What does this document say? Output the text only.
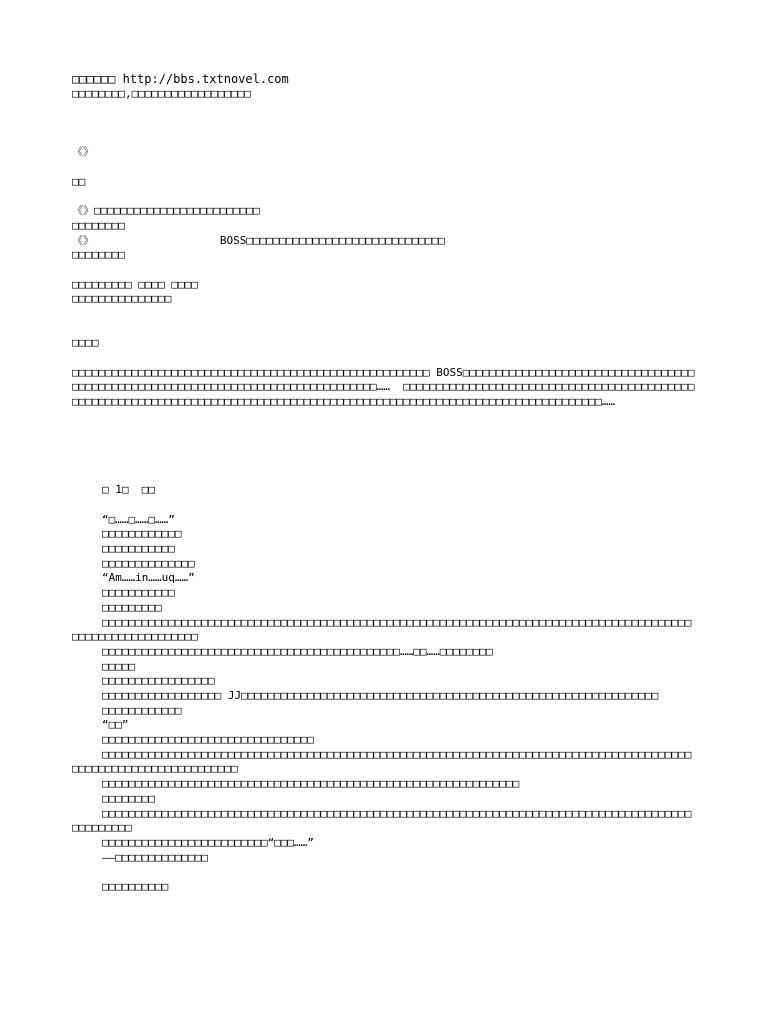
□□□□□□ http://bbs.txtnovel.com
□□□□□□□□,□□□□□□□□□□□□□□□□□□
《》
□□
《》□□□□□□□□□□□□□□□□□□□□□□□□□
□□□□□□□□
《》                   BOSS□□□□□□□□□□□□□□□□□□□□□□□□□□□□□□
□□□□□□□□
□□□□□□□□□ □□□□ □□□□
□□□□□□□□□□□□□□□
□□□□
□□□□□□□□□□□□□□□□□□□□□□□□□□□□□□□□□□□□□□□□□□□□□□□□□□□□□□ BOSS□□□□□□□□□□□□□□□□□□□□□□□□□□□□□□□□□□□□□□□□□□□□□□□□□□□□□□□□□□□□□□□□□□□□□□□□□□□□□□□□□……  □□□□□□□□□□□□□□□□□□□□□□□□□□□□□□□□□□□□□□□□□□□□□□□□□□□□□□□□□□□□□□□□□□□□□□□□□□□□□□□□□□□□□□□□□□□□□□□□□□□□□□□□□□□□□□□□□□□□□□□□□□□□……
□ 1□  □□
“□……□……□……”
□□□□□□□□□□□□
□□□□□□□□□□□
□□□□□□□□□□□□□□
“Am……in……uq……”
□□□□□□□□□□□
□□□□□□□□□
□□□□□□□□□□□□□□□□□□□□□□□□□□□□□□□□□□□□□□□□□□□□□□□□□□□□□□□□□□□□□□□□□□□□□□□□□□□□□□□□□□□□□□□□□□□□□□□□□□□□□□□□□□□□
□□□□□□□□□□□□□□□□□□□□□□□□□□□□□□□□□□□□□□□□□□□□□……□□……□□□□□□□□
□□□□□
□□□□□□□□□□□□□□□□□
□□□□□□□□□□□□□□□□□□ JJ□□□□□□□□□□□□□□□□□□□□□□□□□□□□□□□□□□□□□□□□□□□□□□□□□□□□□□□□□□□□□□□
□□□□□□□□□□□□
“□□”
□□□□□□□□□□□□□□□□□□□□□□□□□□□□□□□□
□□□□□□□□□□□□□□□□□□□□□□□□□□□□□□□□□□□□□□□□□□□□□□□□□□□□□□□□□□□□□□□□□□□□□□□□□□□□□□□□□□□□□□□□□□□□□□□□□□□□□□□□□□□□□□□□□□
□□□□□□□□□□□□□□□□□□□□□□□□□□□□□□□□□□□□□□□□□□□□□□□□□□□□□□□□□□□□□□□
□□□□□□□□
□□□□□□□□□□□□□□□□□□□□□□□□□□□□□□□□□□□□□□□□□□□□□□□□□□□□□□□□□□□□□□□□□□□□□□□□□□□□□□□□□□□□□□□□□□□□□□□□□□
□□□□□□□□□□□□□□□□□□□□□□□□□“□□□……”
——□□□□□□□□□□□□□□
□□□□□□□□□□
